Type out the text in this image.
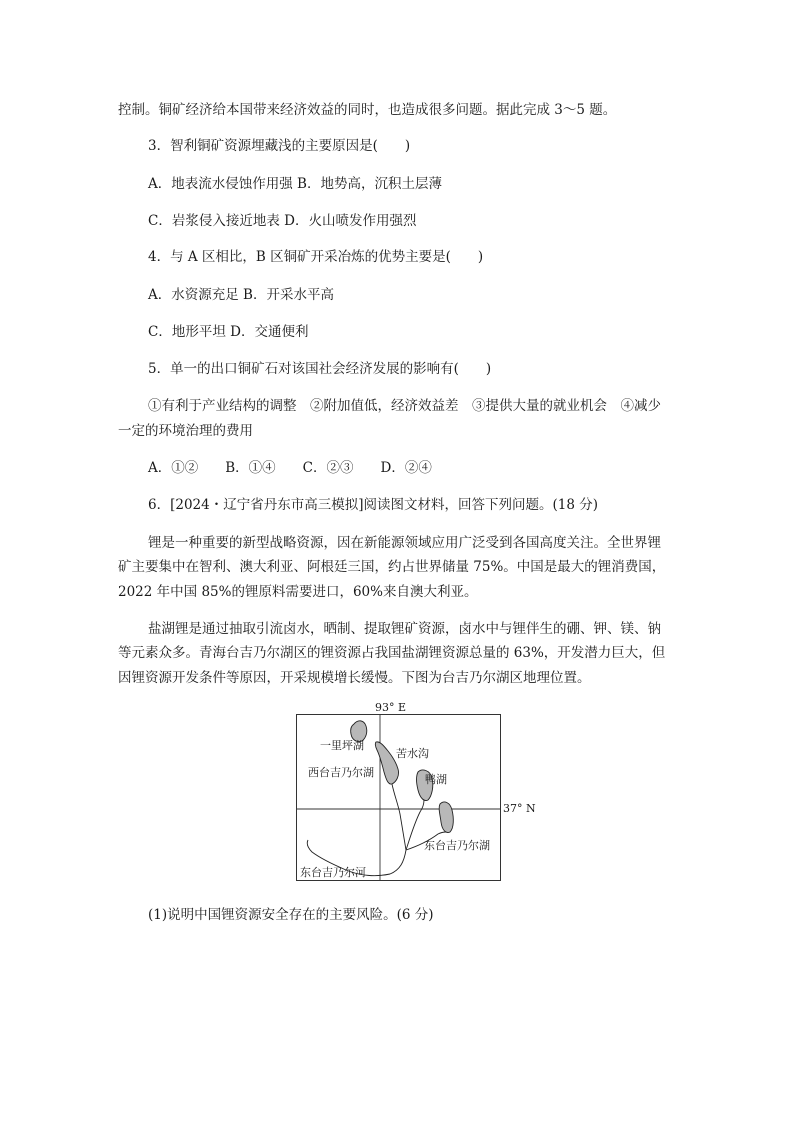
控制。铜矿经济给本国带来经济效益的同时，也造成很多问题。据此完成 3～5 题。
3．智利铜矿资源埋藏浅的主要原因是(　　)
A．地表流水侵蚀作用强 B．地势高，沉积土层薄
C．岩浆侵入接近地表 D．火山喷发作用强烈
4．与 A 区相比，B 区铜矿开采冶炼的优势主要是(　　)
A．水资源充足 B．开采水平高
C．地形平坦 D．交通便利
5．单一的出口铜矿石对该国社会经济发展的影响有(　　)
①有利于产业结构的调整　②附加值低，经济效益差　③提供大量的就业机会　④减少
一定的环境治理的费用
A．①②　　B．①④　　C．②③　　D．②④
6．[2024・辽宁省丹东市高三模拟]阅读图文材料，回答下列问题。(18 分)
锂是一种重要的新型战略资源，因在新能源领域应用广泛受到各国高度关注。全世界锂
矿主要集中在智利、澳大利亚、阿根廷三国，约占世界储量 75%。中国是最大的锂消费国，
2022 年中国 85%的锂原料需要进口，60%来自澳大利亚。
盐湖锂是通过抽取引流卤水，晒制、提取锂矿资源，卤水中与锂伴生的硼、钾、镁、钠
等元素众多。青海台吉乃尔湖区的锂资源占我国盐湖锂资源总量的 63%，开发潜力巨大，但
因锂资源开发条件等原因，开采规模增长缓慢。下图为台吉乃尔湖区地理位置。
(1)说明中国锂资源安全存在的主要风险。(6 分)
93° E
一里坪湖
苦水沟
西台吉乃尔湖
鸭湖
东台吉乃尔湖
东台吉乃尔河
37° N
